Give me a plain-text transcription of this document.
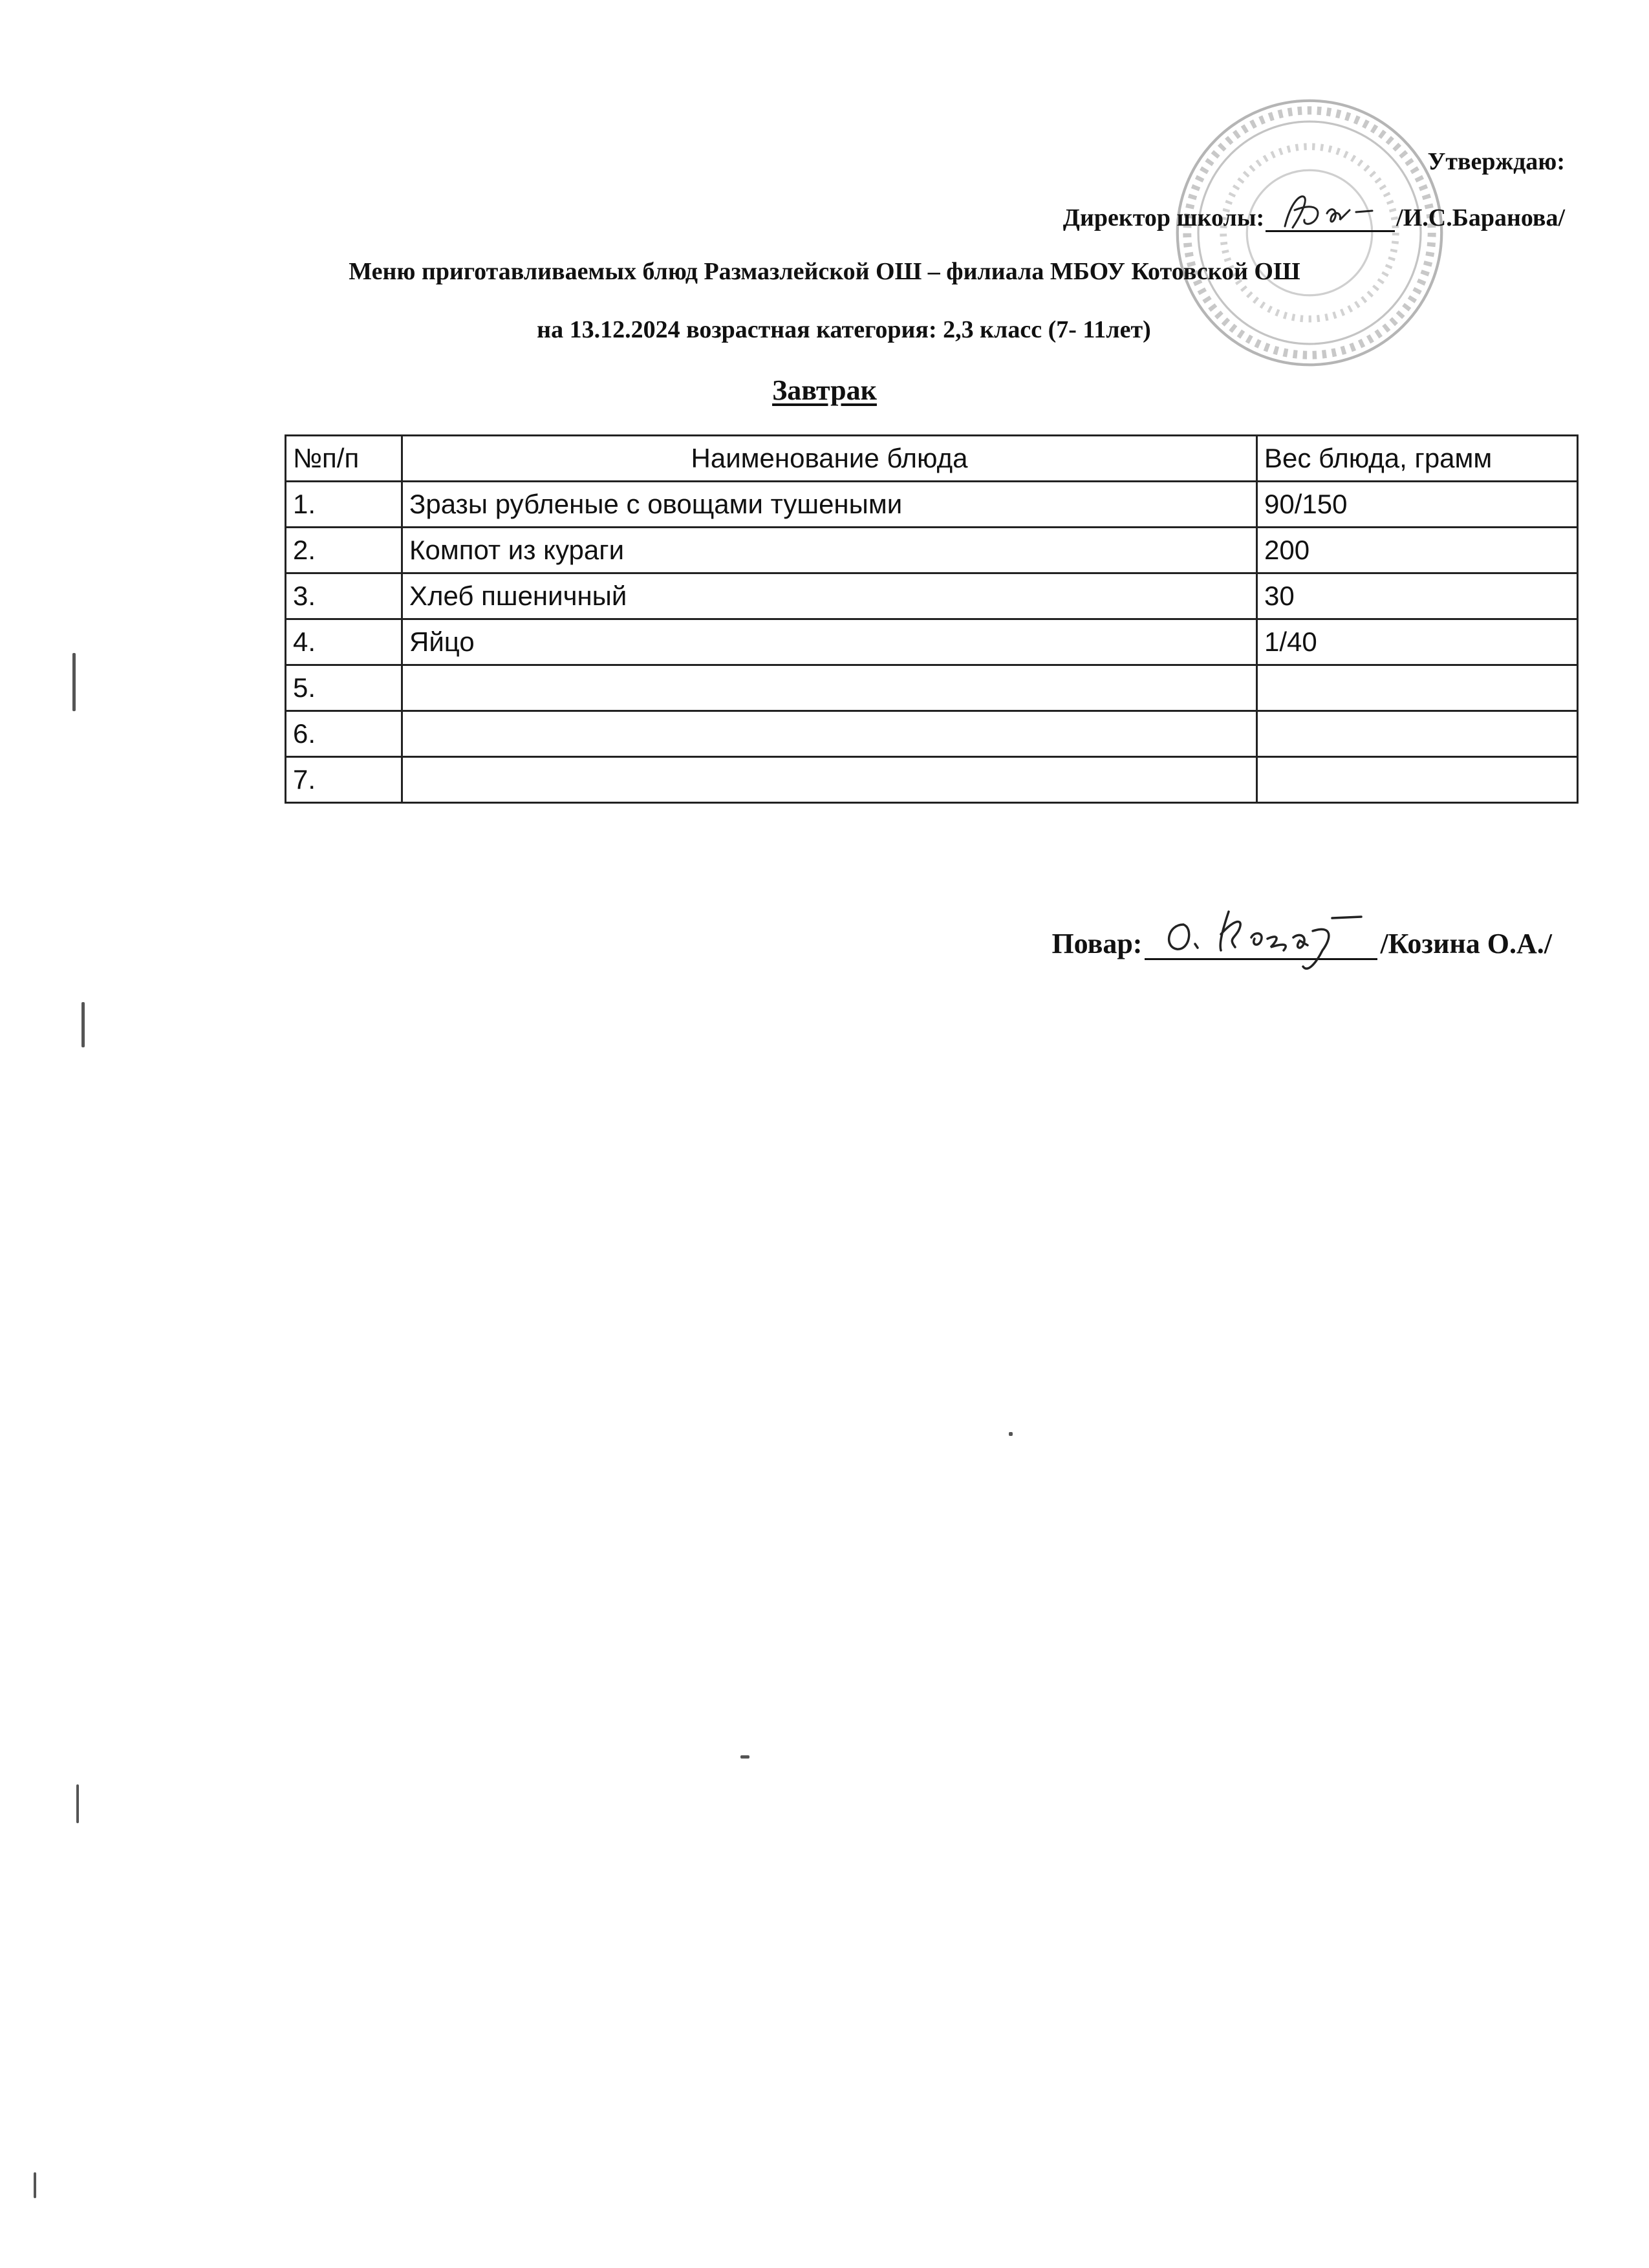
Утверждаю:
Директор школы:	/И.С.Баранова/
Меню приготавливаемых блюд Размазлейской ОШ – филиала МБОУ Котовской ОШ
на 13.12.2024 возрастная категория: 2,3 класс (7- 11лет)
Завтрак
№п/п	Наименование блюда	Вес блюда, грамм
1.	Зразы рубленые с овощами тушеными	90/150
2.	Компот из кураги	200
3.	Хлеб пшеничный	30
4.	Яйцо	1/40
5.		
6.		
7.		
Повар:	/Козина О.А./
